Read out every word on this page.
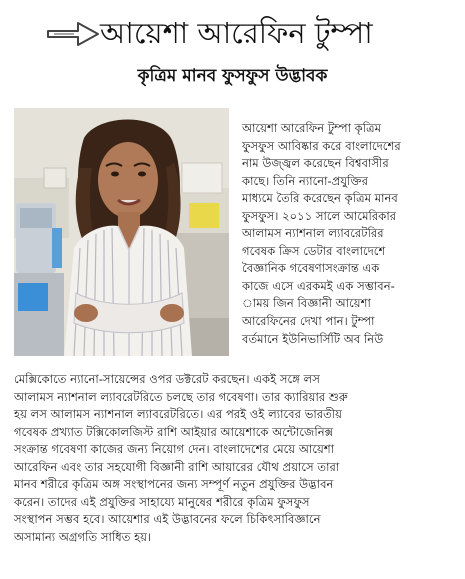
আয়েশা আরেফিন টুম্পা
কৃত্রিম মানব ফুসফুস উদ্ভাবক
আয়েশা আরেফিন টুম্পা কৃত্রিম
ফুসফুস আবিষ্কার করে বাংলাদেশের
নাম উজ্জ্বল করেছেন বিশ্ববাসীর
কাছে। তিনি ন্যানো-প্রযুক্তির
মাধ্যমে তৈরি করেছেন কৃত্রিম মানব
ফুসফুস। ২০১১ সালে আমেরিকার
আলামস ন্যাশনাল ল্যাবরেটরির
গবেষক ক্রিস ডেটার বাংলাদেশে
বৈজ্ঞানিক গবেষণাসংক্রান্ত এক
কাজে এসে এরকমই এক সম্ভাবন-
াময় জিন বিজ্ঞানী আয়েশা
আরেফিনের দেখা পান। টুম্পা
বর্তমানে ইউনিভার্সিটি অব নিউ
মেক্সিকোতে ন্যানো-সায়েন্সের ওপর ডক্টরেট করছেন। একই সঙ্গে লস
আলামস ন্যাশনাল ল্যাবরেটরিতে চলছে তার গবেষণা। তার ক্যারিয়ার শুরু
হয় লস আলামস ন্যাশনাল ল্যাবরেটরিতে। এর পরই ওই ল্যাবের ভারতীয়
গবেষক প্রখ্যাত টক্সিকোলজিস্ট রাশি আইয়ার আয়েশাকে অন্টোজেনিক্স
সংক্রান্ত গবেষণা কাজের জন্য নিয়োগ দেন। বাংলাদেশের মেয়ে আয়েশা
আরেফিন এবং তার সহযোগী বিজ্ঞানী রাশি আয়ারের যৌথ প্রয়াসে তারা
মানব শরীরে কৃত্রিম অঙ্গ সংস্থাপনের জন্য সম্পূর্ণ নতুন প্রযুক্তির উদ্ভাবন
করেন। তাদের এই প্রযুক্তির সাহায্যে মানুষের শরীরে কৃত্রিম ফুসফুস
সংস্থাপন সম্ভব হবে। আয়েশার এই উদ্ভাবনের ফলে চিকিৎসাবিজ্ঞানে
অসামান্য অগ্রগতি সাধিত হয়।
